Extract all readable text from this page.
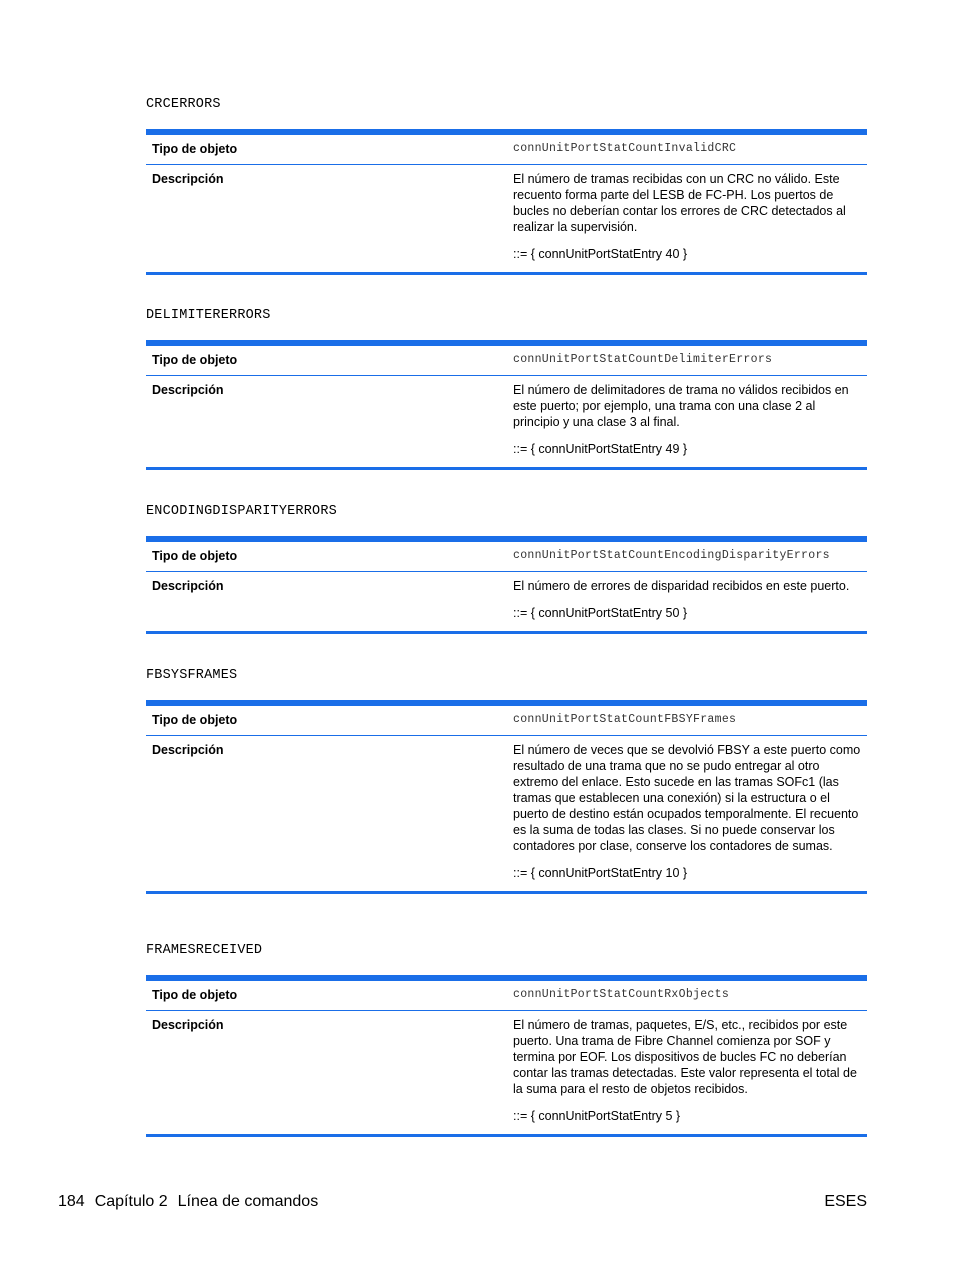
CRCERRORS

Tipo de objeto	connUnitPortStatCountInvalidCRC
Descripción	El número de tramas recibidas con un CRC no válido. Este recuento forma parte del LESB de FC-PH. Los puertos de bucles no deberían contar los errores de CRC detectados al realizar la supervisión.

::= { connUnitPortStatEntry 40 }

DELIMITERERRORS

Tipo de objeto	connUnitPortStatCountDelimiterErrors
Descripción	El número de delimitadores de trama no válidos recibidos en este puerto; por ejemplo, una trama con una clase 2 al principio y una clase 3 al final.

::= { connUnitPortStatEntry 49 }

ENCODINGDISPARITYERRORS

Tipo de objeto	connUnitPortStatCountEncodingDisparityErrors
Descripción	El número de errores de disparidad recibidos en este puerto.

::= { connUnitPortStatEntry 50 }

FBSYSFRAMES

Tipo de objeto	connUnitPortStatCountFBSYFrames
Descripción	El número de veces que se devolvió FBSY a este puerto como resultado de una trama que no se pudo entregar al otro extremo del enlace. Esto sucede en las tramas SOFc1 (las tramas que establecen una conexión) si la estructura o el puerto de destino están ocupados temporalmente. El recuento es la suma de todas las clases. Si no puede conservar los contadores por clase, conserve los contadores de sumas.

::= { connUnitPortStatEntry 10 }

FRAMESRECEIVED

Tipo de objeto	connUnitPortStatCountRxObjects
Descripción	El número de tramas, paquetes, E/S, etc., recibidos por este puerto. Una trama de Fibre Channel comienza por SOF y termina por EOF. Los dispositivos de bucles FC no deberían contar las tramas detectadas. Este valor representa el total de la suma para el resto de objetos recibidos.

::= { connUnitPortStatEntry 5 }

184 Capítulo 2 Línea de comandos	ESES
